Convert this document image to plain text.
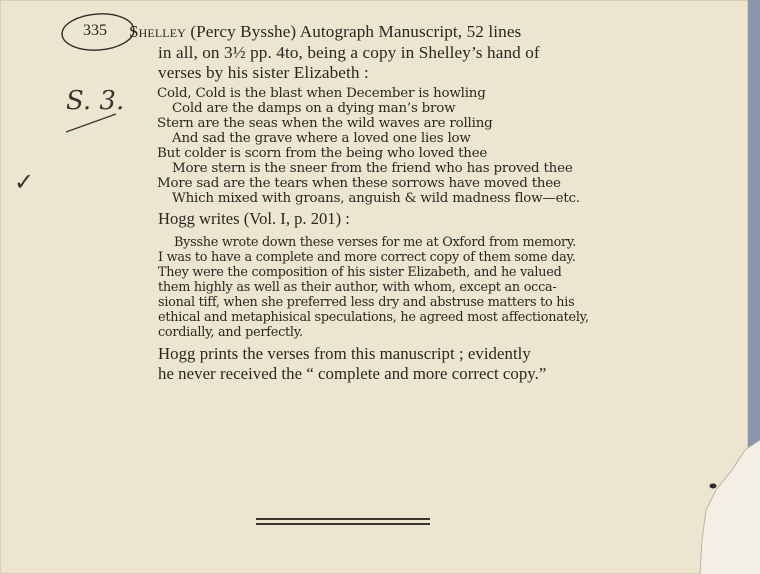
335
S. 3.
✓
Shelley (Percy Bysshe) Autograph Manuscript, 52 lines
in all, on 3½ pp. 4to, being a copy in Shelley’s hand of
verses by his sister Elizabeth :
Cold, Cold is the blast when December is howling
Cold are the damps on a dying man’s brow
Stern are the seas when the wild waves are rolling
And sad the grave where a loved one lies low
But colder is scorn from the being who loved thee
More stern is the sneer from the friend who has proved thee
More sad are the tears when these sorrows have moved thee
Which mixed with groans, anguish & wild madness flow—etc.
Hogg writes (Vol. I, p. 201) :
Bysshe wrote down these verses for me at Oxford from memory.
I was to have a complete and more correct copy of them some day.
They were the composition of his sister Elizabeth, and he valued
them highly as well as their author, with whom, except an occa-
sional tiff, when she preferred less dry and abstruse matters to his
ethical and metaphisical speculations, he agreed most affectionately,
cordially, and perfectly.
Hogg prints the verses from this manuscript ; evidently
he never received the “ complete and more correct copy.”
